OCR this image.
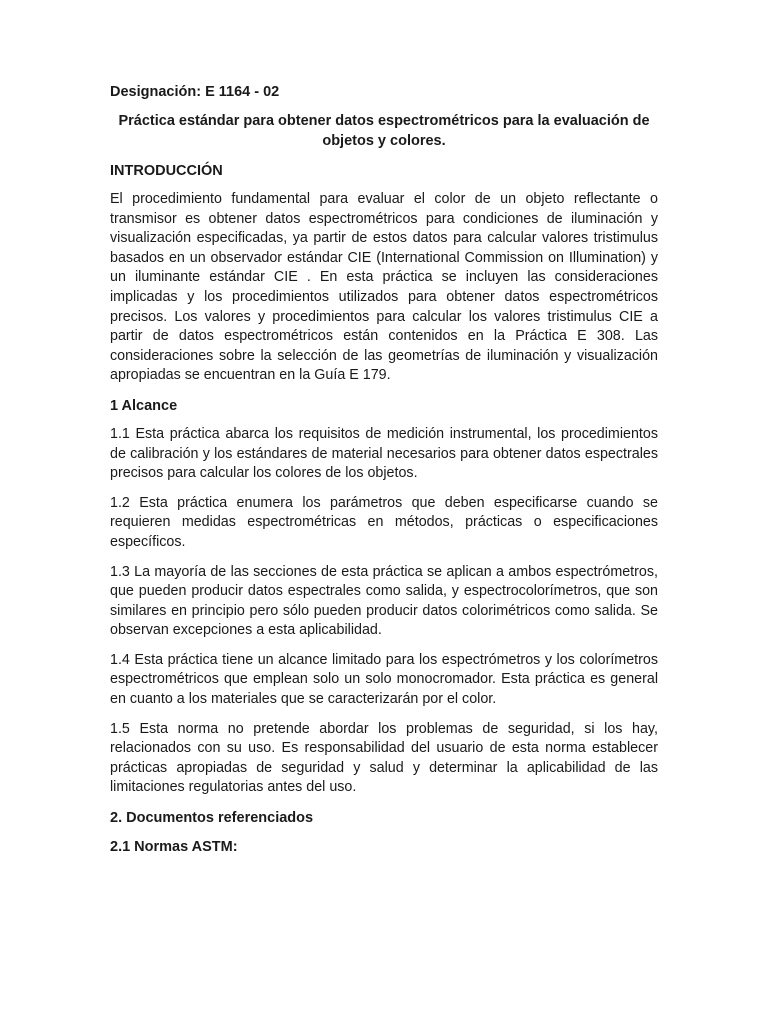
Designación: E 1164 - 02
Práctica estándar para obtener datos espectrométricos para la evaluación de objetos y colores.
INTRODUCCIÓN

El procedimiento fundamental para evaluar el color de un objeto reflectante o transmisor es obtener datos espectrométricos para condiciones de iluminación y visualización especificadas, ya partir de estos datos para calcular valores tristimulus basados en un observador estándar CIE (International Commission on Illumination) y un iluminante estándar CIE . En esta práctica se incluyen las consideraciones implicadas y los procedimientos utilizados para obtener datos espectrométricos precisos. Los valores y procedimientos para calcular los valores tristimulus CIE a partir de datos espectrométricos están contenidos en la Práctica E 308. Las consideraciones sobre la selección de las geometrías de iluminación y visualización apropiadas se encuentran en la Guía E 179.

1 Alcance

1.1 Esta práctica abarca los requisitos de medición instrumental, los procedimientos de calibración y los estándares de material necesarios para obtener datos espectrales precisos para calcular los colores de los objetos.

1.2 Esta práctica enumera los parámetros que deben especificarse cuando se requieren medidas espectrométricas en métodos, prácticas o especificaciones específicos.

1.3 La mayoría de las secciones de esta práctica se aplican a ambos espectrómetros, que pueden producir datos espectrales como salida, y espectrocolorímetros, que son similares en principio pero sólo pueden producir datos colorimétricos como salida. Se observan excepciones a esta aplicabilidad.

1.4 Esta práctica tiene un alcance limitado para los espectrómetros y los colorímetros espectrométricos que emplean solo un solo monocromador. Esta práctica es general en cuanto a los materiales que se caracterizarán por el color.

1.5 Esta norma no pretende abordar los problemas de seguridad, si los hay, relacionados con su uso. Es responsabilidad del usuario de esta norma establecer prácticas apropiadas de seguridad y salud y determinar la aplicabilidad de las limitaciones regulatorias antes del uso.

2. Documentos referenciados
2.1 Normas ASTM:
